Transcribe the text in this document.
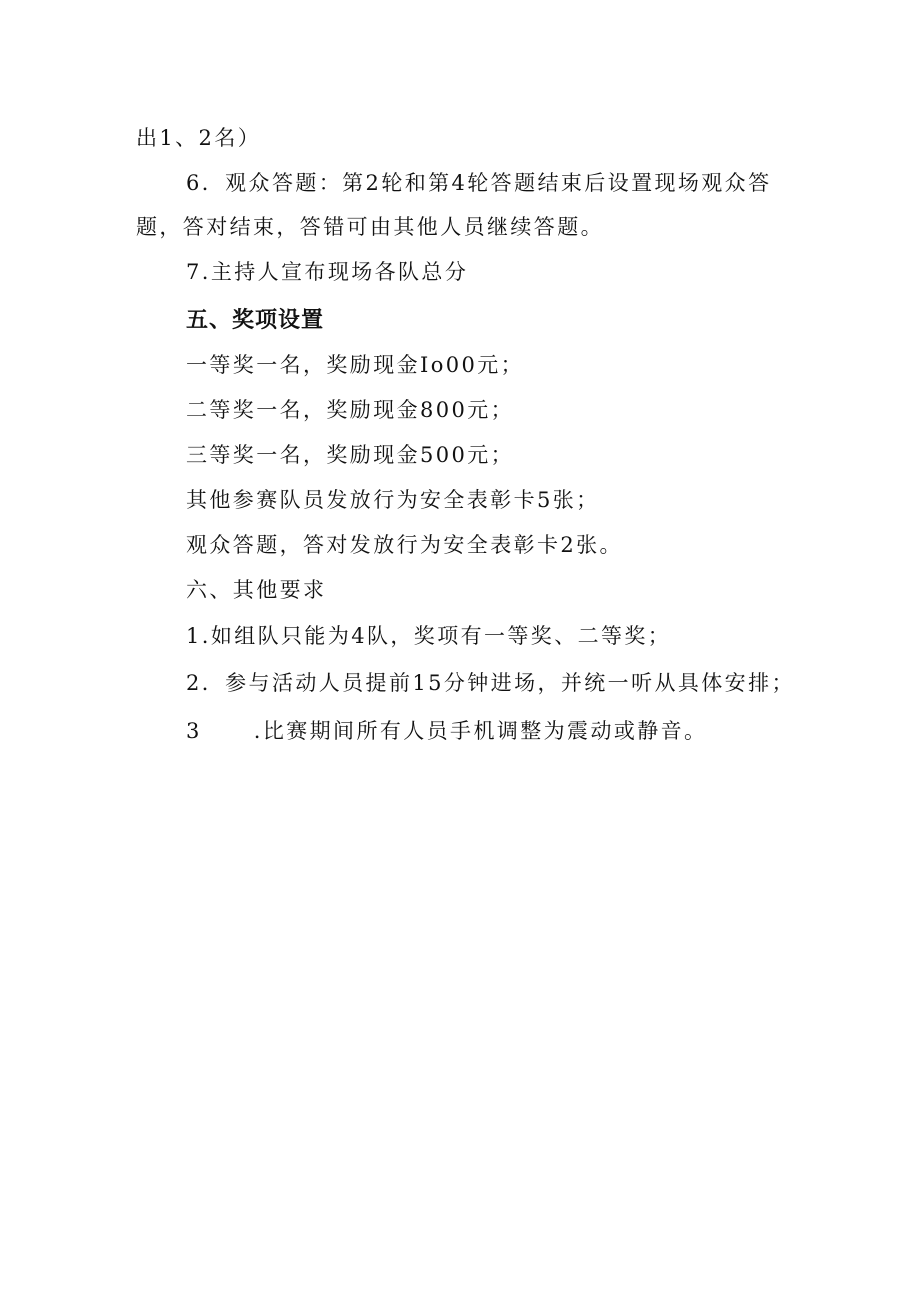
出1、2名）
6．观众答题：第2轮和第4轮答题结束后设置现场观众答
题，答对结束，答错可由其他人员继续答题。
7.主持人宣布现场各队总分
五、奖项设置
一等奖一名，奖励现金Io00元；
二等奖一名，奖励现金800元；
三等奖一名，奖励现金500元；
其他参赛队员发放行为安全表彰卡5张；
观众答题，答对发放行为安全表彰卡2张。
六、其他要求
1.如组队只能为4队，奖项有一等奖、二等奖；
2．参与活动人员提前15分钟进场，并统一听从具体安排；
3 .比赛期间所有人员手机调整为震动或静音。
